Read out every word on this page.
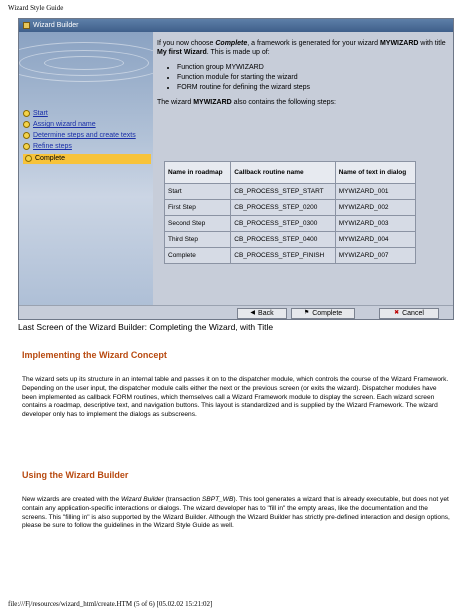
Wizard Style Guide
Wizard Builder
Start
Assign wizard name
Determine steps and create texts
Refine steps
Complete

If you now choose Complete, a framework is generated for your wizard MYWIZARD with title My first Wizard. This is made up of:

• Function group MYWIZARD
• Function module for starting the wizard
• FORM routine for defining the wizard steps

The wizard MYWIZARD also contains the following steps:

Name in roadmap	Callback routine name	Name of text in dialog
Start	CB_PROCESS_STEP_START	MYWIZARD_001
First Step	CB_PROCESS_STEP_0200	MYWIZARD_002
Second Step	CB_PROCESS_STEP_0300	MYWIZARD_003
Third Step	CB_PROCESS_STEP_0400	MYWIZARD_004
Complete	CB_PROCESS_STEP_FINISH	MYWIZARD_007
◀ Back	⚑ Complete	✖ Cancel
Last Screen of the Wizard Builder: Completing the Wizard, with Title
Implementing the Wizard Concept
The wizard sets up its structure in an internal table and passes it on to the dispatcher module, which controls the course of the Wizard Framework. Depending on the user input, the dispatcher module calls either the next or the previous screen (or exits the wizard). Dispatcher modules have been implemented as callback FORM routines, which themselves call a Wizard Framework module to display the screen. Each wizard screen contains a roadmap, descriptive text, and navigation buttons. This layout is standardized and is supplied by the Wizard Framework. The wizard developer only has to implement the dialogs as subscreens.
Using the Wizard Builder
New wizards are created with the Wizard Builder (transaction SBPT_WB). This tool generates a wizard that is already executable, but does not yet contain any application-specific interactions or dialogs. The wizard developer has to "fill in" the empty areas, like the documentation and the screens. This "filling in" is also supported by the Wizard Builder. Although the Wizard Builder has strictly pre-defined interaction and design options, please be sure to follow the guidelines in the Wizard Style Guide as well.
file:///F|/resources/wizard_html/create.HTM (5 of 6) [05.02.02 15:21:02]
